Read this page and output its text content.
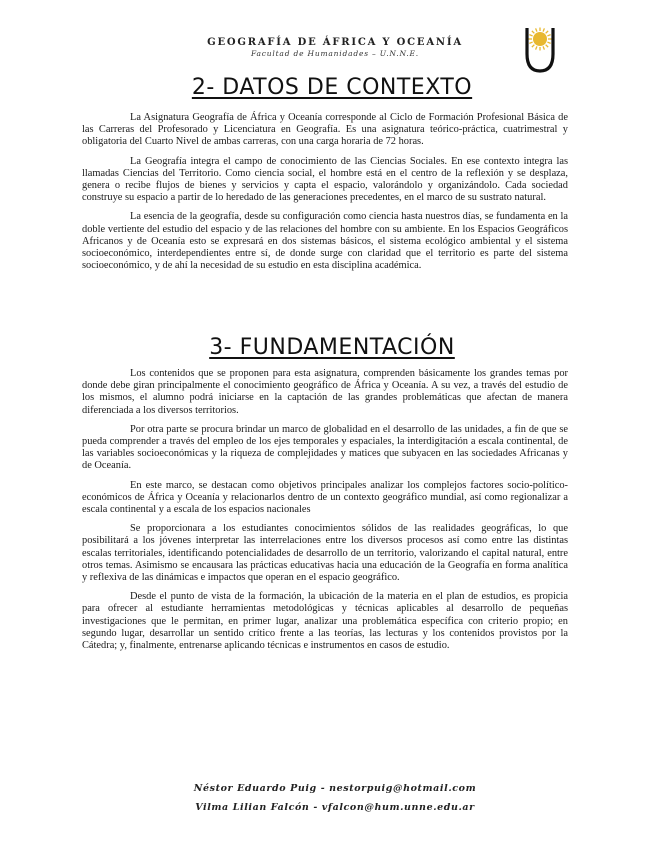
GEOGRAFÍA DE ÁFRICA Y OCEANÍA
Facultad de Humanidades – U.N.N.E.
2- DATOS DE CONTEXTO

La Asignatura Geografía de África y Oceanía corresponde al Ciclo de Formación Profesional Básica de las Carreras del Profesorado y Licenciatura en Geografía. Es una asignatura teórico-práctica, cuatrimestral y obligatoria del Cuarto Nivel de ambas carreras, con una carga horaria de 72 horas.

La Geografía integra el campo de conocimiento de las Ciencias Sociales. En ese contexto integra las llamadas Ciencias del Territorio. Como ciencia social, el hombre está en el centro de la reflexión y se desplaza, genera o recibe flujos de bienes y servicios y capta el espacio, valorándolo y organizándolo. Cada sociedad construye su espacio a partir de lo heredado de las generaciones precedentes, en el marco de su sustrato natural.

La esencia de la geografía, desde su configuración como ciencia hasta nuestros días, se fundamenta en la doble vertiente del estudio del espacio y de las relaciones del hombre con su ambiente. En los Espacios Geográficos Africanos y de Oceanía esto se expresará en dos sistemas básicos, el sistema ecológico ambiental y el sistema socioeconómico, interdependientes entre sí, de donde surge con claridad que el territorio es parte del sistema socioeconómico, y de ahí la necesidad de su estudio en esta disciplina académica.

3- FUNDAMENTACIÓN

Los contenidos que se proponen para esta asignatura, comprenden básicamente los grandes temas por donde debe giran principalmente el conocimiento geográfico de África y Oceanía. A su vez, a través del estudio de los mismos, el alumno podrá iniciarse en la captación de las grandes problemáticas que afectan de manera diferenciada a los diversos territorios.

Por otra parte se procura brindar un marco de globalidad en el desarrollo de las unidades, a fin de que se pueda comprender a través del empleo de los ejes temporales y espaciales, la interdigitación a escala continental, de las variables socioeconómicas y la riqueza de complejidades y matices que subyacen en las sociedades Africanas y de Oceanía.

En este marco, se destacan como objetivos principales analizar los complejos factores socio-político-económicos de África y Oceanía y relacionarlos dentro de un contexto geográfico mundial, así como regionalizar a escala continental y a escala de los espacios nacionales

Se proporcionara a los estudiantes conocimientos sólidos de las realidades geográficas, lo que posibilitará a los jóvenes interpretar las interrelaciones entre los diversos procesos así como entre las distintas escalas territoriales, identificando potencialidades de desarrollo de un territorio, valorizando el capital natural, entre otros temas. Asimismo se encausara las prácticas educativas hacia una educación de la Geografía en forma analítica y reflexiva de las dinámicas e impactos que operan en el espacio geográfico.

Desde el punto de vista de la formación, la ubicación de la materia en el plan de estudios, es propicia para ofrecer al estudiante herramientas metodológicas y técnicas aplicables al desarrollo de pequeñas investigaciones que le permitan, en primer lugar, analizar una problemática específica con criterio propio; en segundo lugar, desarrollar un sentido crítico frente a las teorías, las lecturas y los contenidos provistos por la Cátedra; y, finalmente, entrenarse aplicando técnicas e instrumentos en casos de estudio.

Néstor Eduardo Puig - nestorpuig@hotmail.com
Vilma Lilian Falcón - vfalcon@hum.unne.edu.ar
